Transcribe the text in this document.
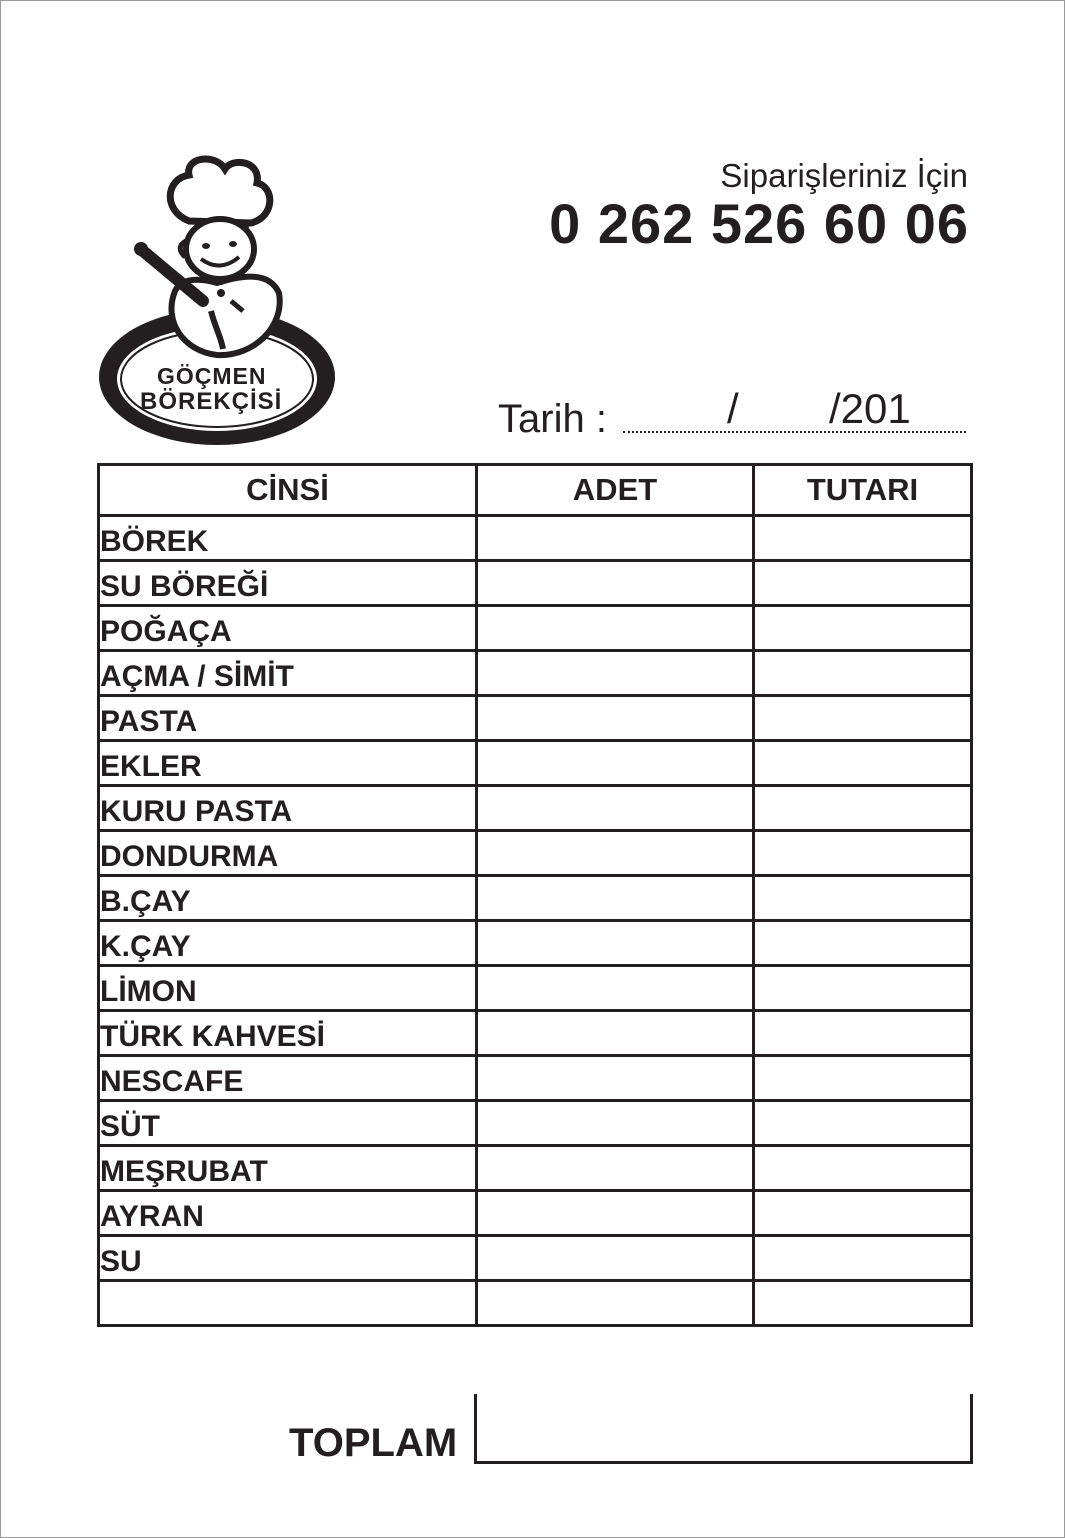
GÖÇMEN
BÖREKÇİSİ
Siparişleriniz İçin
0 262 526 60 06
Tarih :	/ /201
CİNSİ	ADET	TUTARI
BÖREK		
SU BÖREĞİ		
POĞAÇA		
AÇMA / SİMİT		
PASTA		
EKLER		
KURU PASTA		
DONDURMA		
B.ÇAY		
K.ÇAY		
LİMON		
TÜRK KAHVESİ		
NESCAFE		
SÜT		
MEŞRUBAT		
AYRAN		
SU		

TOPLAM
